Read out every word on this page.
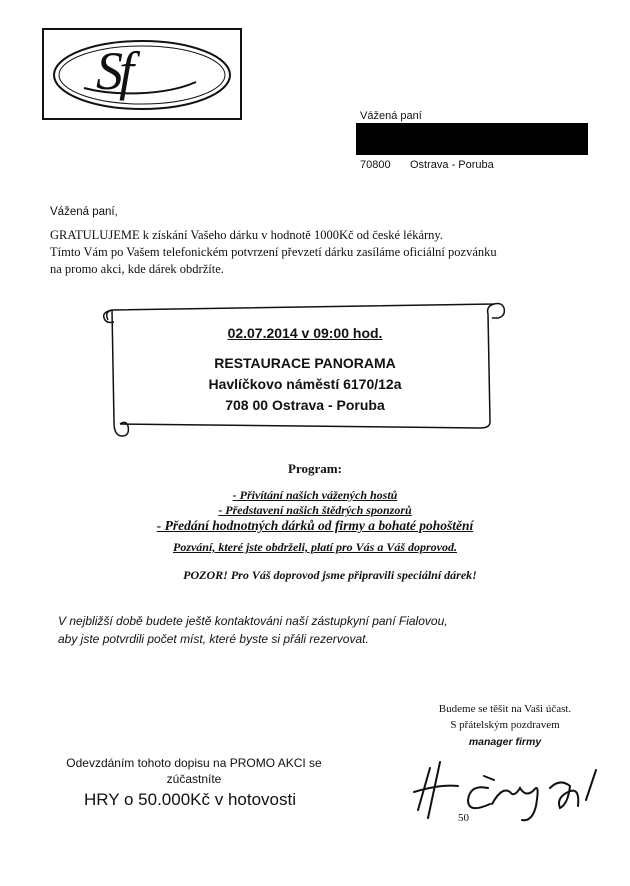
Sf
Vážená paní
70800 Ostrava - Poruba
Vážená paní,
GRATULUJEME k získání Vašeho dárku v hodnotě 1000Kč od české lékárny.
Tímto Vám po Vašem telefonickém potvrzení převzetí dárku zasíláme oficiální pozvánku
na promo akci, kde dárek obdržíte.
02.07.2014 v 09:00 hod.
RESTAURACE PANORAMA
Havlíčkovo náměstí 6170/12a
708 00 Ostrava - Poruba
Program:
- Přivítání našich vážených hostů
- Představení našich štědrých sponzorů
- Předání hodnotných dárků od firmy a bohaté pohoštění
Pozvání, které jste obdrželi, platí pro Vás a Váš doprovod.
POZOR! Pro Váš doprovod jsme připravili speciální dárek!
V nejbližší době budete ještě kontaktováni naší zástupkyní paní Fialovou,
aby jste potvrdili počet míst, které byste si přáli rezervovat.
Budeme se těšit na Vaši účast.
S přátelským pozdravem
manager firmy
50
Odevzdáním tohoto dopisu na PROMO AKCI se
zúčastníte
HRY o 50.000Kč v hotovosti
